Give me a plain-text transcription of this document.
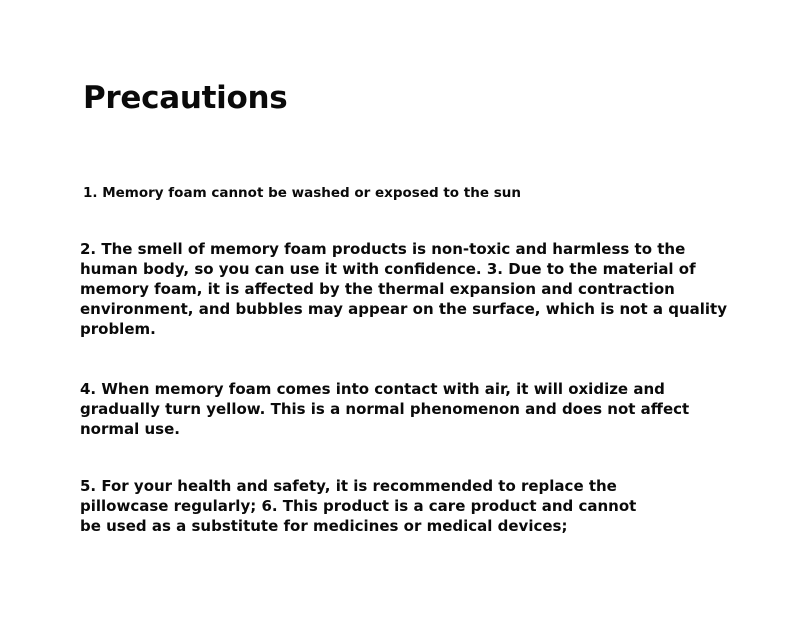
Precautions

1. Memory foam cannot be washed or exposed to the sun

2. The smell of memory foam products is non-toxic and harmless to the
human body, so you can use it with confidence. 3. Due to the material of
memory foam, it is affected by the thermal expansion and contraction
environment, and bubbles may appear on the surface, which is not a quality
problem.

4. When memory foam comes into contact with air, it will oxidize and
gradually turn yellow. This is a normal phenomenon and does not affect
normal use.

5. For your health and safety, it is recommended to replace the
pillowcase regularly; 6. This product is a care product and cannot
be used as a substitute for medicines or medical devices;
